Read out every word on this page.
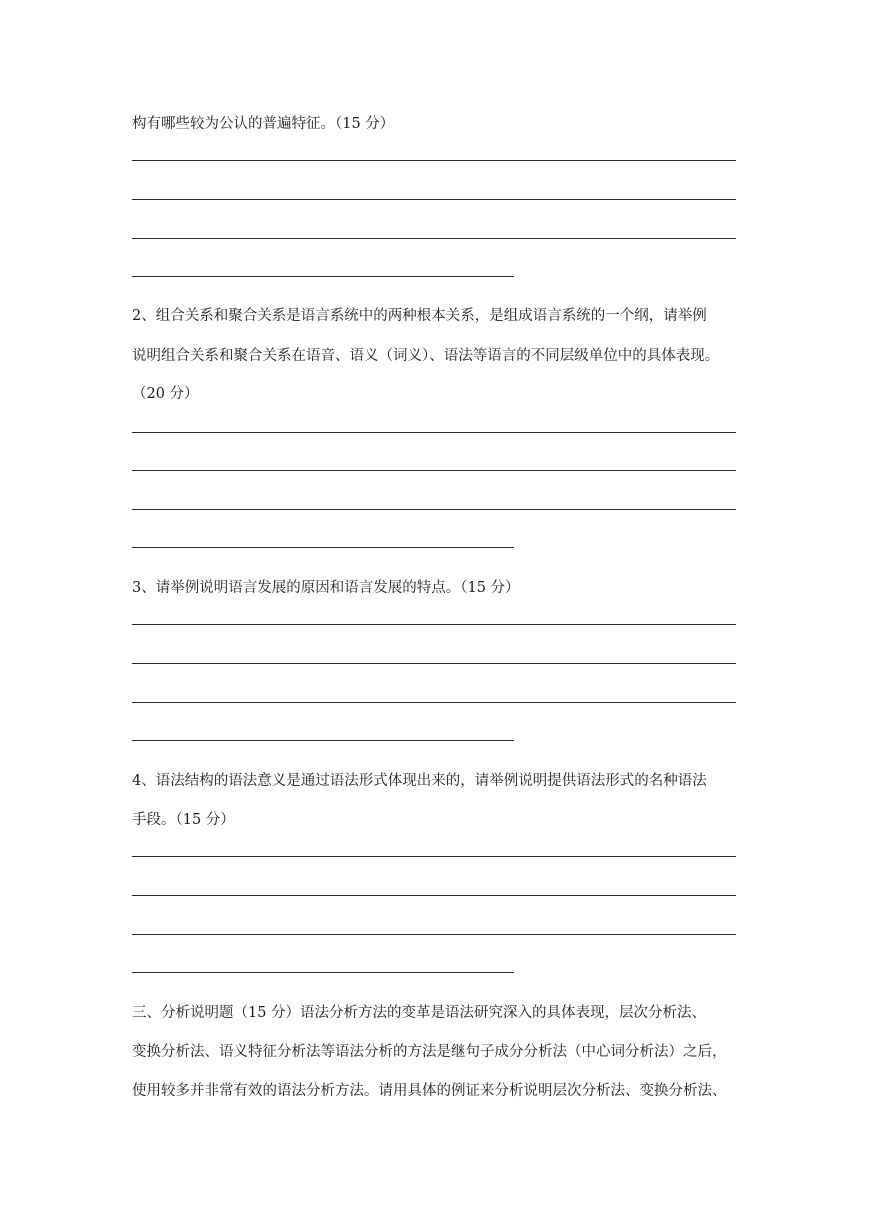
构有哪些较为公认的普遍特征。（15 分）
2、组合关系和聚合关系是语言系统中的两种根本关系，是组成语言系统的一个纲，请举例
说明组合关系和聚合关系在语音、语义（词义）、语法等语言的不同层级单位中的具体表现。
（20 分）
3、请举例说明语言发展的原因和语言发展的特点。（15 分）
4、语法结构的语法意义是通过语法形式体现出来的，请举例说明提供语法形式的名种语法
手段。（15 分）
三、分析说明题（15 分）语法分析方法的变革是语法研究深入的具体表现，层次分析法、
变换分析法、语义特征分析法等语法分析的方法是继句子成分分析法（中心词分析法）之后，
使用较多并非常有效的语法分析方法。请用具体的例证来分析说明层次分析法、变换分析法、
